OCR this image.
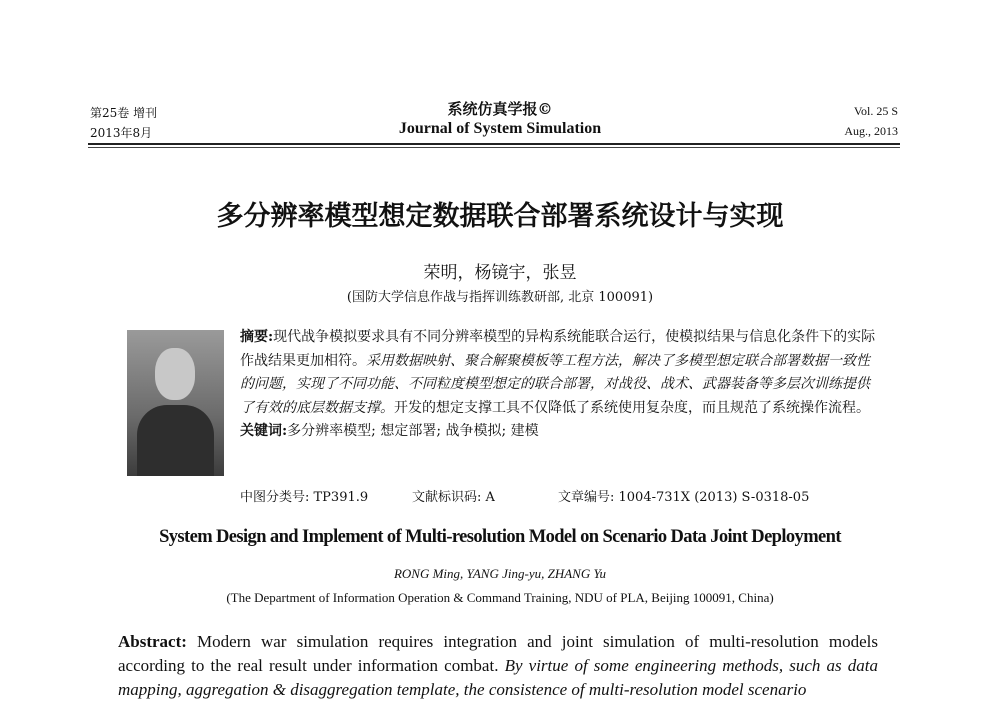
第25卷 增刊
2013年8月
系统仿真学报©
Journal of System Simulation
Vol. 25 S
Aug., 2013
多分辨率模型想定数据联合部署系统设计与实现
荣明，杨镜宇，张昱
(国防大学信息作战与指挥训练教研部, 北京 100091)
摘要:现代战争模拟要求具有不同分辨率模型的异构系统能联合运行，使模拟结果与信息化条件下的实际作战结果更加相符。采用数据映射、聚合解聚模板等工程方法，解决了多模型想定联合部署数据一致性的问题，实现了不同功能、不同粒度模型想定的联合部署，对战役、战术、武器装备等多层次训练提供了有效的底层数据支撑。开发的想定支撑工具不仅降低了系统使用复杂度，而且规范了系统操作流程。
关键词:多分辨率模型; 想定部署; 战争模拟; 建模
中图分类号: TP391.9	文献标识码: A	文章编号: 1004-731X (2013) S-0318-05
System Design and Implement of Multi-resolution Model on Scenario Data Joint Deployment
RONG Ming, YANG Jing-yu, ZHANG Yu
(The Department of Information Operation & Command Training, NDU of PLA, Beijing 100091, China)
Abstract: Modern war simulation requires integration and joint simulation of multi-resolution models according to the real result under information combat. By virtue of some engineering methods, such as data mapping, aggregation & disaggregation template, the consistence of multi-resolution model scenario
